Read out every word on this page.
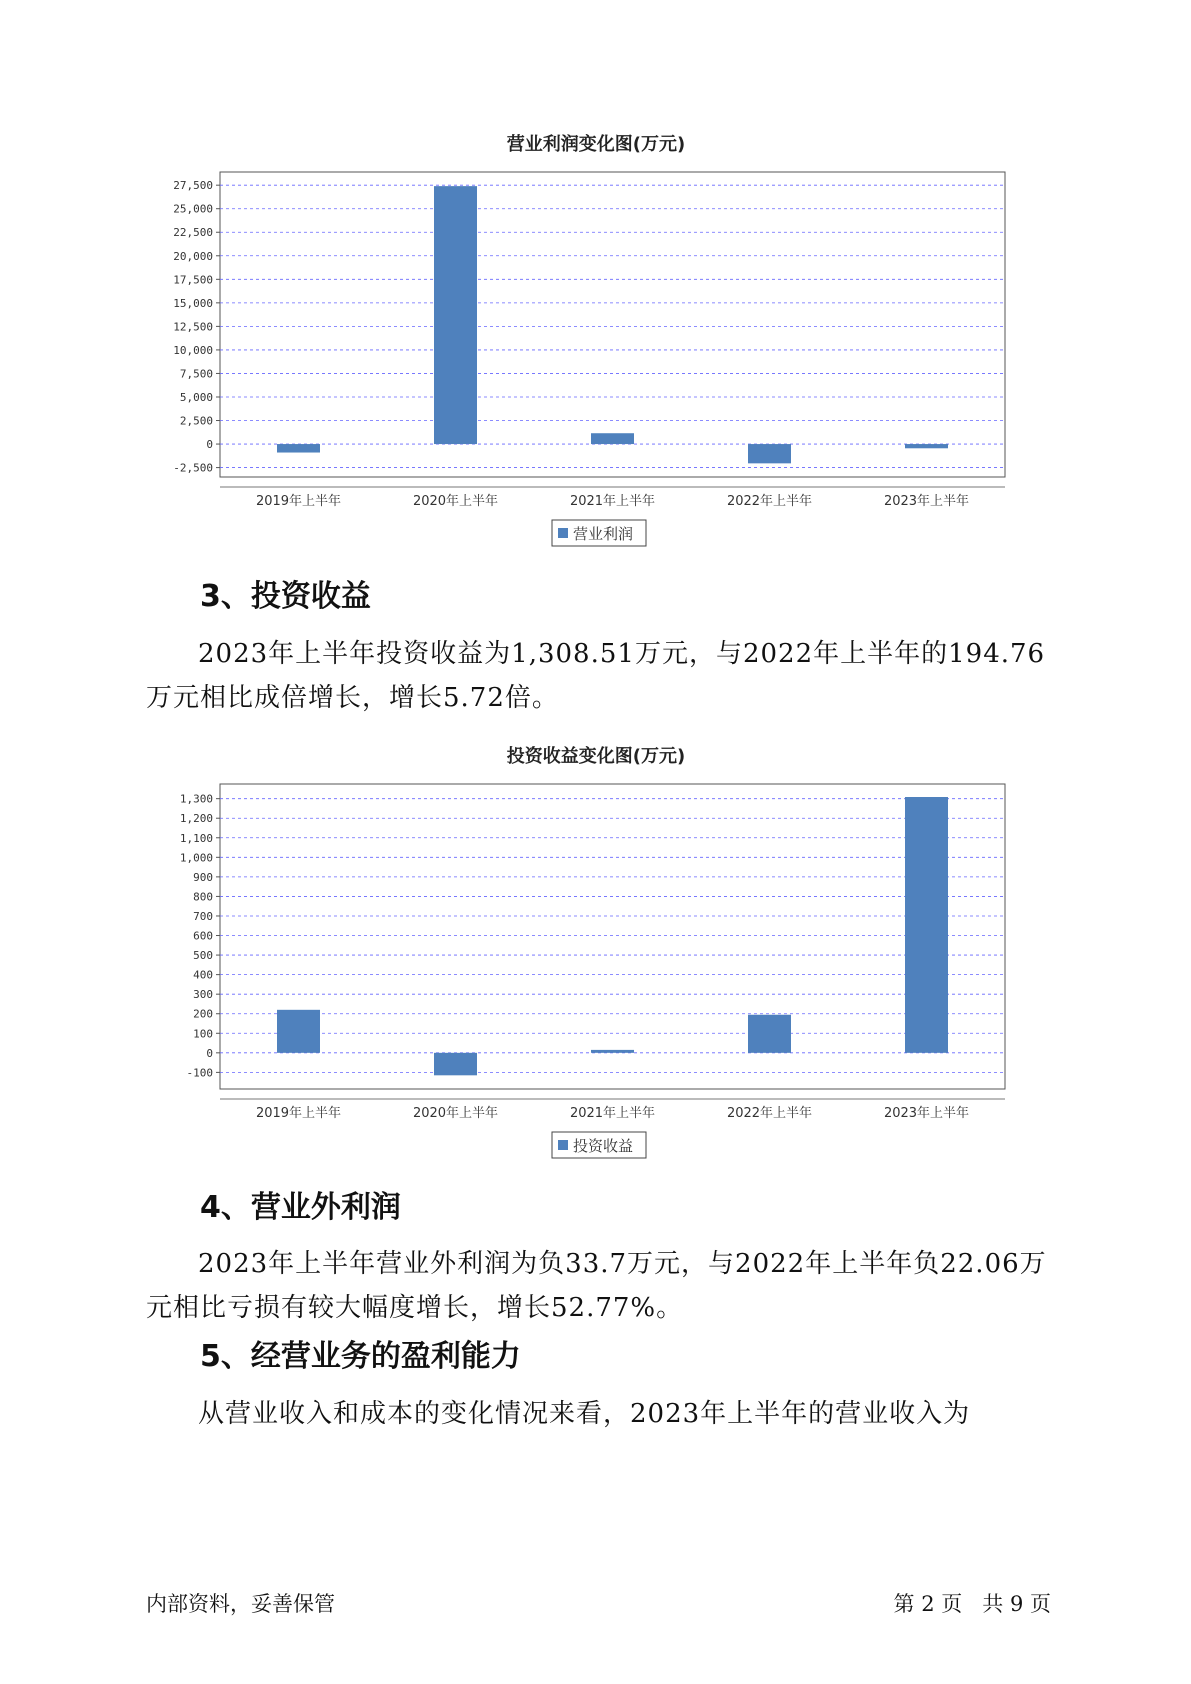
营业利润变化图(万元)
-2,500
0
2,500
5,000
7,500
10,000
12,500
15,000
17,500
20,000
22,500
25,000
27,500
2019年上半年	2020年上半年	2021年上半年	2022年上半年	2023年上半年
营业利润
3、投资收益

2023年上半年投资收益为1,308.51万元，与2022年上半年的194.76万元相比成倍增长，增长5.72倍。

投资收益变化图(万元)
-100
0
100
200
300
400
500
600
700
800
900
1,000
1,100
1,200
1,300
2019年上半年	2020年上半年	2021年上半年	2022年上半年	2023年上半年
投资收益
4、营业外利润

2023年上半年营业外利润为负33.7万元，与2022年上半年负22.06万元相比亏损有较大幅度增长，增长52.77%。

5、经营业务的盈利能力

从营业收入和成本的变化情况来看，2023年上半年的营业收入为

内部资料，妥善保管	第 2 页   共 9 页
